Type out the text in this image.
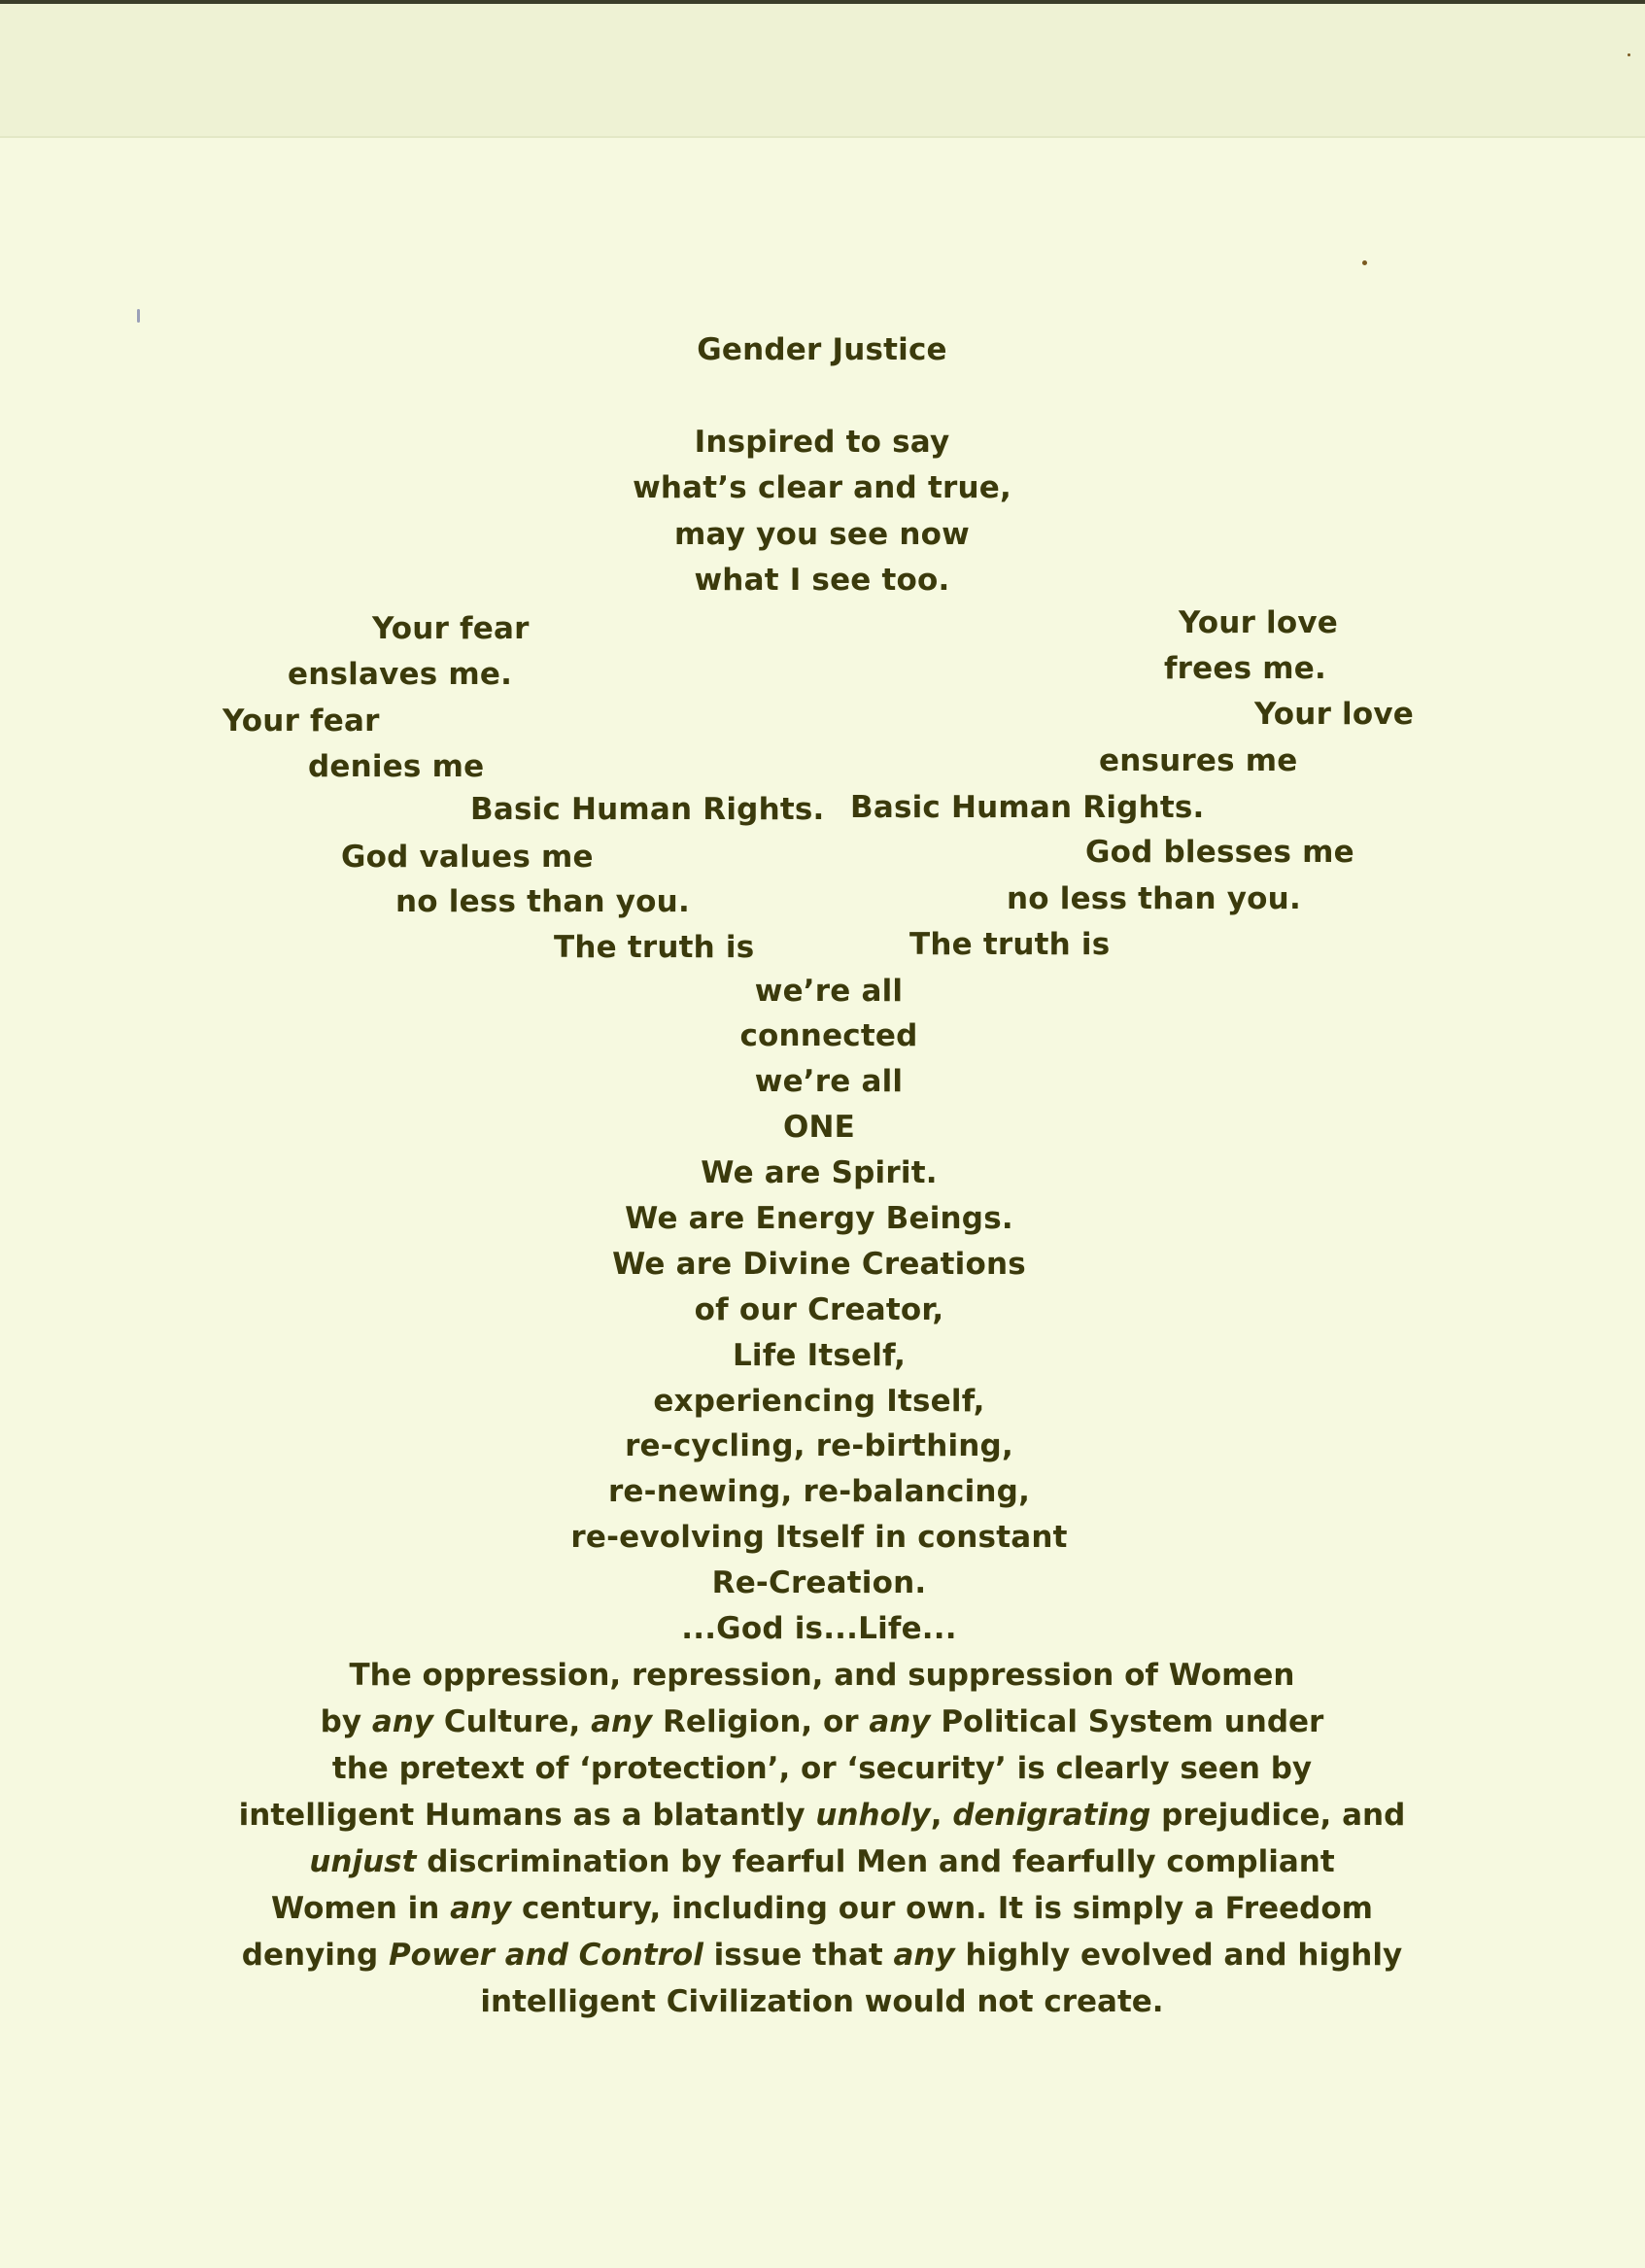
Gender Justice
Inspired to say
what’s clear and true,
may you see now
what I see too.
Your fear
enslaves me.
Your fear
denies me
Basic Human Rights.
God values me
no less than you.
The truth is
Your love
frees me.
Your love
ensures me
Basic Human Rights.
God blesses me
no less than you.
The truth is
we’re all
connected
we’re all
ONE
We are Spirit.
We are Energy Beings.
We are Divine Creations
of our Creator,
Life Itself,
experiencing Itself,
re-cycling, re-birthing,
re-newing, re-balancing,
re-evolving Itself in constant
Re-Creation.
...God is...Life...
The oppression, repression, and suppression of Women
by any Culture, any Religion, or any Political System under
the pretext of ‘protection’, or ‘security’ is clearly seen by
intelligent Humans as a blatantly unholy, denigrating prejudice, and
unjust discrimination by fearful Men and fearfully compliant
Women in any century, including our own. It is simply a Freedom
denying Power and Control issue that any highly evolved and highly
intelligent Civilization would not create.
